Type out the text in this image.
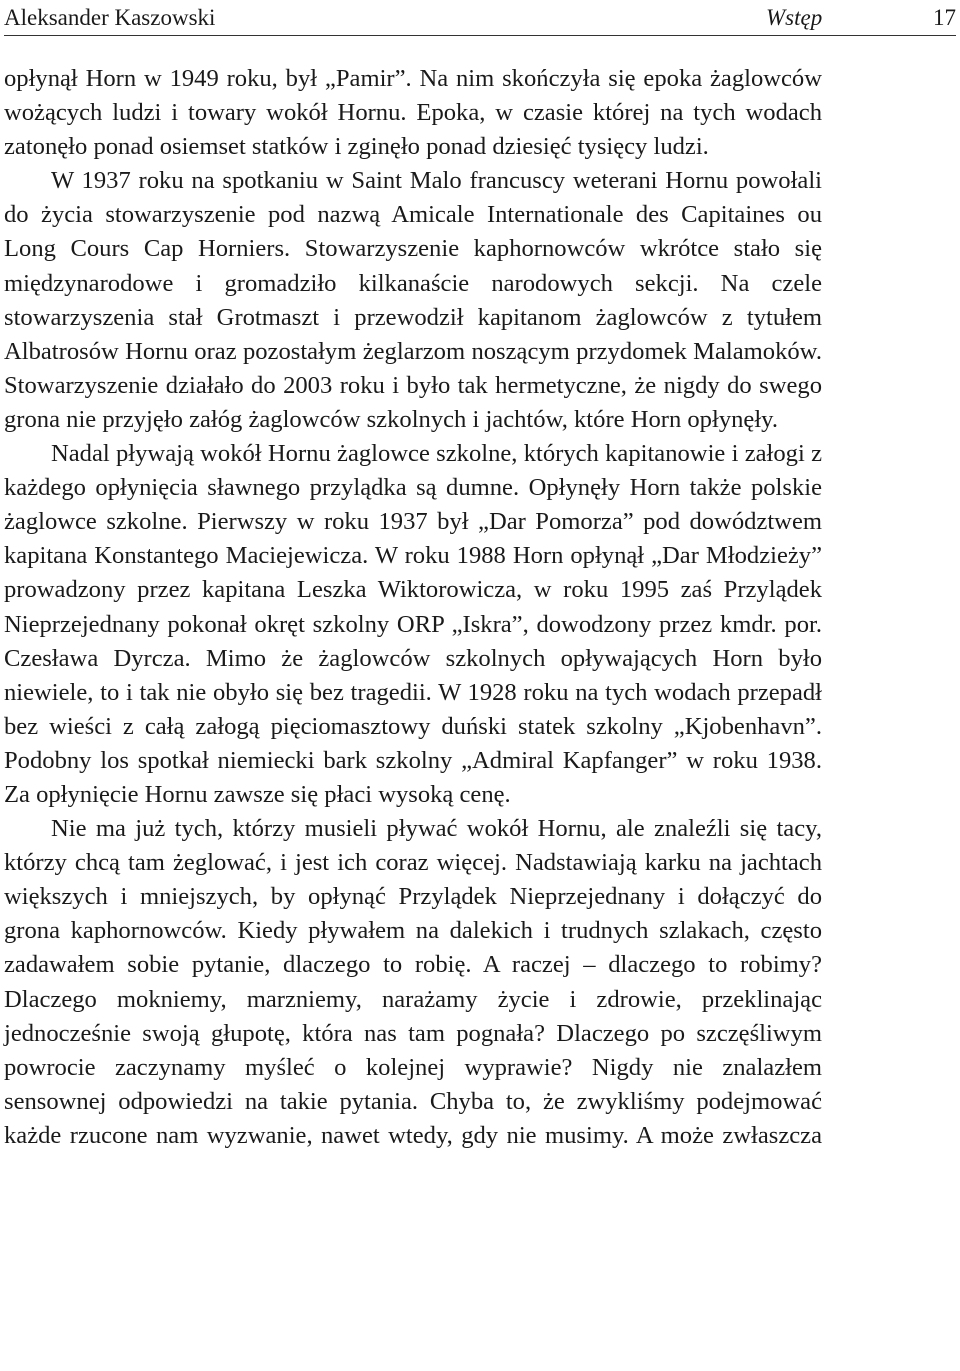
Aleksander Kaszowski	Wstęp	17

opłynął Horn w 1949 roku, był „Pamir”. Na nim skończyła się epoka żaglowców wożących ludzi i towary wokół Hornu. Epoka, w czasie której na tych wodach zatonęło ponad osiemset statków i zginęło ponad dziesięć tysięcy ludzi.

W 1937 roku na spotkaniu w Saint Malo francuscy weterani Hornu powołali do życia stowarzyszenie pod nazwą Amicale Internationale des Capitaines ou Long Cours Cap Horniers. Stowarzyszenie kaphornowców wkrótce stało się międzynarodowe i gromadziło kilkanaście narodowych sekcji. Na czele stowarzyszenia stał Grotmaszt i przewodził kapitanom żaglowców z tytułem Albatrosów Hornu oraz pozostałym żeglarzom noszącym przydomek Malamoków. Stowarzyszenie działało do 2003 roku i było tak hermetyczne, że nigdy do swego grona nie przyjęło załóg żaglowców szkolnych i jachtów, które Horn opłynęły.

Nadal pływają wokół Hornu żaglowce szkolne, których kapitanowie i załogi z każdego opłynięcia sławnego przylądka są dumne. Opłynęły Horn także polskie żaglowce szkolne. Pierwszy w roku 1937 był „Dar Pomorza” pod dowództwem kapitana Konstantego Maciejewicza. W roku 1988 Horn opłynął „Dar Młodzieży” prowadzony przez kapitana Leszka Wiktorowicza, w roku 1995 zaś Przylądek Nieprzejednany pokonał okręt szkolny ORP „Iskra”, dowodzony przez kmdr. por. Czesława Dyrcza. Mimo że żaglowców szkolnych opływających Horn było niewiele, to i tak nie obyło się bez tragedii. W 1928 roku na tych wodach przepadł bez wieści z całą załogą pięciomasztowy duński statek szkolny „Kjobenhavn”. Podobny los spotkał niemiecki bark szkolny „Admiral Kapfanger” w roku 1938. Za opłynięcie Hornu zawsze się płaci wysoką cenę.

Nie ma już tych, którzy musieli pływać wokół Hornu, ale znaleźli się tacy, którzy chcą tam żeglować, i jest ich coraz więcej. Nadstawiają karku na jachtach większych i mniejszych, by opłynąć Przylądek Nieprzejednany i dołączyć do grona kaphornowców. Kiedy pływałem na dalekich i trudnych szlakach, często zadawałem sobie pytanie, dlaczego to robię. A raczej – dlaczego to robimy? Dlaczego mokniemy, marzniemy, narażamy życie i zdrowie, przeklinając jednocześnie swoją głupotę, która nas tam pognała? Dlaczego po szczęśliwym powrocie zaczynamy myśleć o kolejnej wyprawie? Nigdy nie znalazłem sensownej odpowiedzi na takie pytania. Chyba to, że zwykliśmy podejmować każde rzucone nam wyzwanie, nawet wtedy, gdy nie musimy. A może zwłaszcza
